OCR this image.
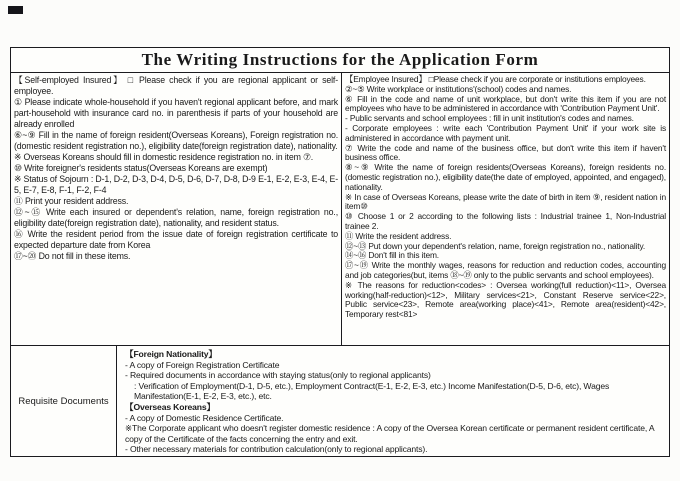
The Writing Instructions for the Application Form

【Self-employed Insured】 □ Please check if you are regional applicant or self-employee.

① Please indicate whole-household if you haven't regional applicant before, and mark part-household with insurance card no. in parenthesis if parts of your household are already enrolled

⑥~⑨ Fill in the name of foreign resident(Overseas Koreans), Foreign registration no.(domestic resident registration no.), eligibility date(foreign registration date), nationality.

※ Overseas Koreans should fill in domestic residence registration no. in item ⑦.

⑩ Write foreigner's residents status(Overseas Koreans are exempt)

※ Status of Sojourn : D-1, D-2, D-3, D-4, D-5, D-6, D-7, D-8, D-9 E-1, E-2, E-3, E-4, E-5, E-7, E-8, F-1, F-2, F-4

⑪ Print your resident address.

⑫~⑮ Write each insured or dependent's relation, name, foreign registration no., eligibility date(foreign registration date), nationality, and resident status.

⑯ Write the resident period from the issue date of foreign registration certificate to expected departure date from Korea

⑰~⑳ Do not fill in these items.

【Employee Insured】 □Please check if you are corporate or institutions employees.

②~⑤ Write workplace or institutions'(school) codes and names.

⑥ Fill in the code and name of unit workplace, but don't write this item if you are not employees who have to be administered in accordance with 'Contribution Payment Unit'.

- Public servants and school employees : fill in unit institution's codes and names.

- Corporate employees : write each 'Contribution Payment Unit' if your work site is administered in accordance with payment unit.

⑦ Write the code and name of the business office, but don't write this item if haven't business office.

⑧~⑨ Write the name of foreign residents(Overseas Koreans), foreign residents no.(domestic registration no.), eligibility date(the date of employed, appointed, and engaged), nationality.

※ In case of Overseas Koreans, please write the date of birth in item ⑨, resident nation in item⑩

⑩ Choose 1 or 2 according to the following lists : Industrial trainee 1, Non-Industrial trainee 2.

⑪ Write the resident address.

⑫~⑬ Put down your dependent's relation, name, foreign registration no., nationality.

⑭~⑯ Don't fill in this item.

⑰~⑲ Write the monthly wages, reasons for reduction and reduction codes, accounting and job categories(but, items ⑱~⑲ only to the public servants and school employees).

※ The reasons for reduction<codes> : Oversea working(full reduction)<11>, Oversea working(half-reduction)<12>, Military services<21>, Constant Reserve service<22>, Public service<23>, Remote area(working place)<41>, Remote area(resident)<42>, Temporary rest<81>

Requisite Documents

【Foreign Nationality】

- A copy of Foreign Registration Certificate

- Required documents in accordance with staying status(only to regional applicants)

: Verification of Employment(D-1, D-5, etc.), Employment Contract(E-1, E-2, E-3, etc.) Income Manifestation(D-5, D-6, etc), Wages Manifestation(E-1, E-2, E-3, etc.), etc.

【Overseas Koreans】

- A copy of Domestic Residence Certificate.

※The Corporate applicant who doesn't register domestic residence : A copy of the Oversea Korean certificate or permanent resident certificate, A copy of the Certificate of the facts concerning the entry and exit.

- Other necessary materials for contribution calculation(only to regional applicants).
